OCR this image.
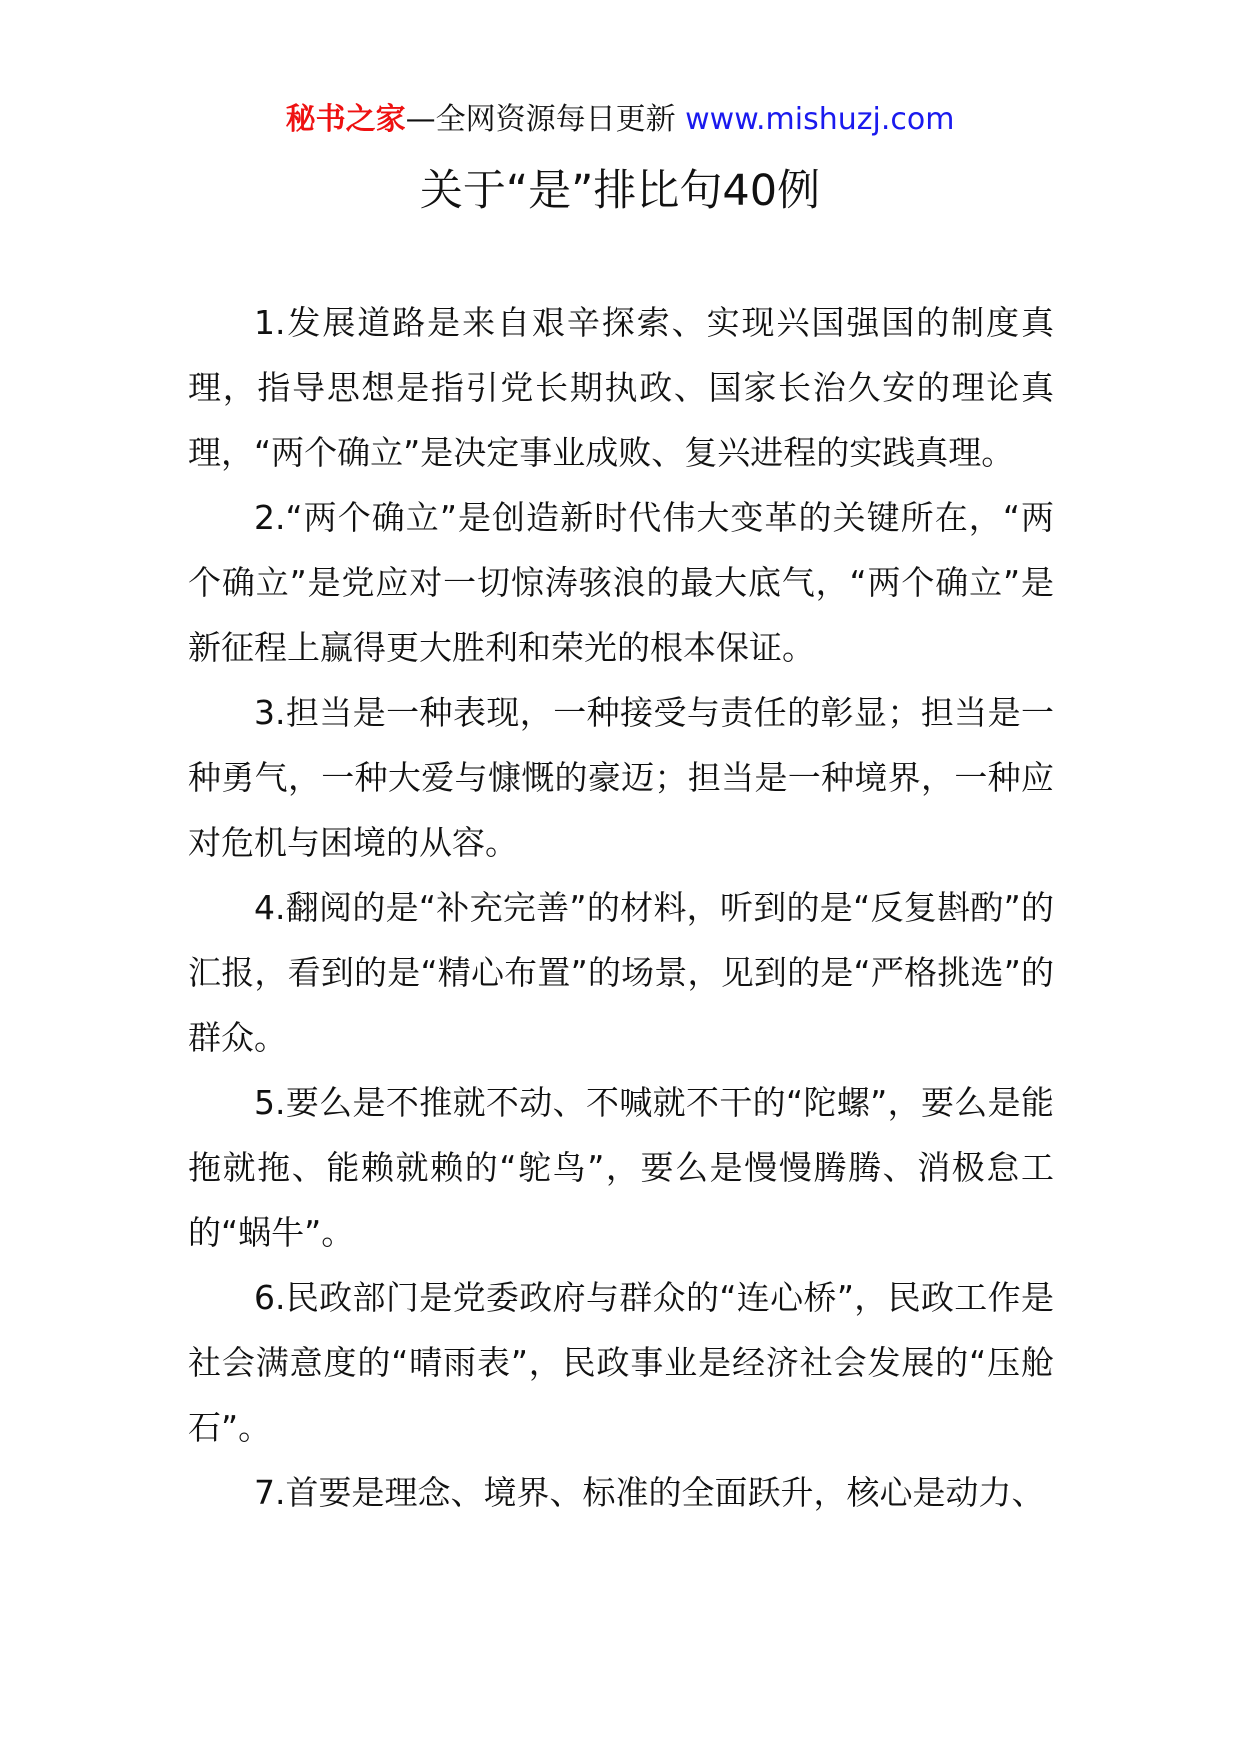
秘书之家—全网资源每日更新 www.mishuzj.com
关于“是”排比句40例

1.发展道路是来自艰辛探索、实现兴国强国的制度真理，指导思想是指引党长期执政、国家长治久安的理论真理，“两个确立”是决定事业成败、复兴进程的实践真理。

2.“两个确立”是创造新时代伟大变革的关键所在，“两个确立”是党应对一切惊涛骇浪的最大底气，“两个确立”是新征程上赢得更大胜利和荣光的根本保证。

3.担当是一种表现，一种接受与责任的彰显；担当是一种勇气，一种大爱与慷慨的豪迈；担当是一种境界，一种应对危机与困境的从容。

4.翻阅的是“补充完善”的材料，听到的是“反复斟酌”的汇报，看到的是“精心布置”的场景，见到的是“严格挑选”的群众。

5.要么是不推就不动、不喊就不干的“陀螺”，要么是能拖就拖、能赖就赖的“鸵鸟”，要么是慢慢腾腾、消极怠工的“蜗牛”。

6.民政部门是党委政府与群众的“连心桥”，民政工作是社会满意度的“晴雨表”，民政事业是经济社会发展的“压舱石”。

7.首要是理念、境界、标准的全面跃升，核心是动力、
